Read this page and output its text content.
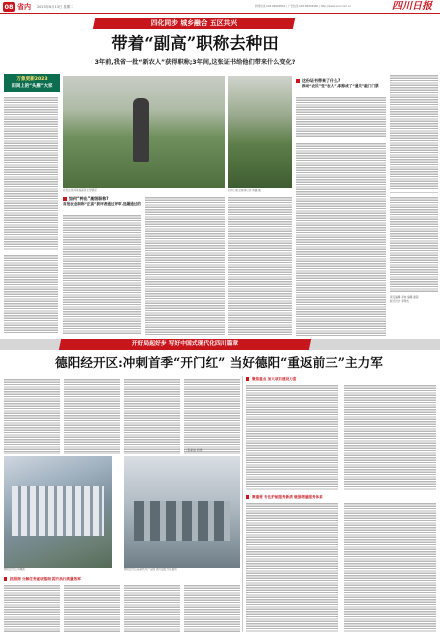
08 省内 2023年6月13日 星期二	新闻热线:028-86969852 | 广告热线:028-86969960 | http://www.scol.com.cn	四川日报
四化同步 城乡融合 五区共兴
带着“副高”职称去种田
3年前,我省一批“新农人”获得职称;3年间,这张证书给他们带来什么变化?
万象更新2023
田间上的“头雁”大家
农民在田间查看蔬菜长势情况	四川日报全媒体记者 周鑫 摄
这份证书带来了什么?
推动“农民”变“农人”,职称成了“通关”敲门门票
责任编辑 李林 编辑 谢菊
版式设计 李明杰
如何“种出”高级职称?
首批农业职称“正高”获评者通过评审,选题通过的
开好局起好步 写好中国式现代化四川篇章
德阳经开区:冲刺首季“开门红” 当好德阳“重返前三”主力军
德阳经开区鸟瞰图	德阳经开区高新技术产业园 图片由经开区提供
□ 张彩谊 何涛
抓招商 分解任务逐项落细 提升执行质量效率
聚焦重点 加大项目建设力度
赛重要 专注护航服务新质 做强增量服务体系
